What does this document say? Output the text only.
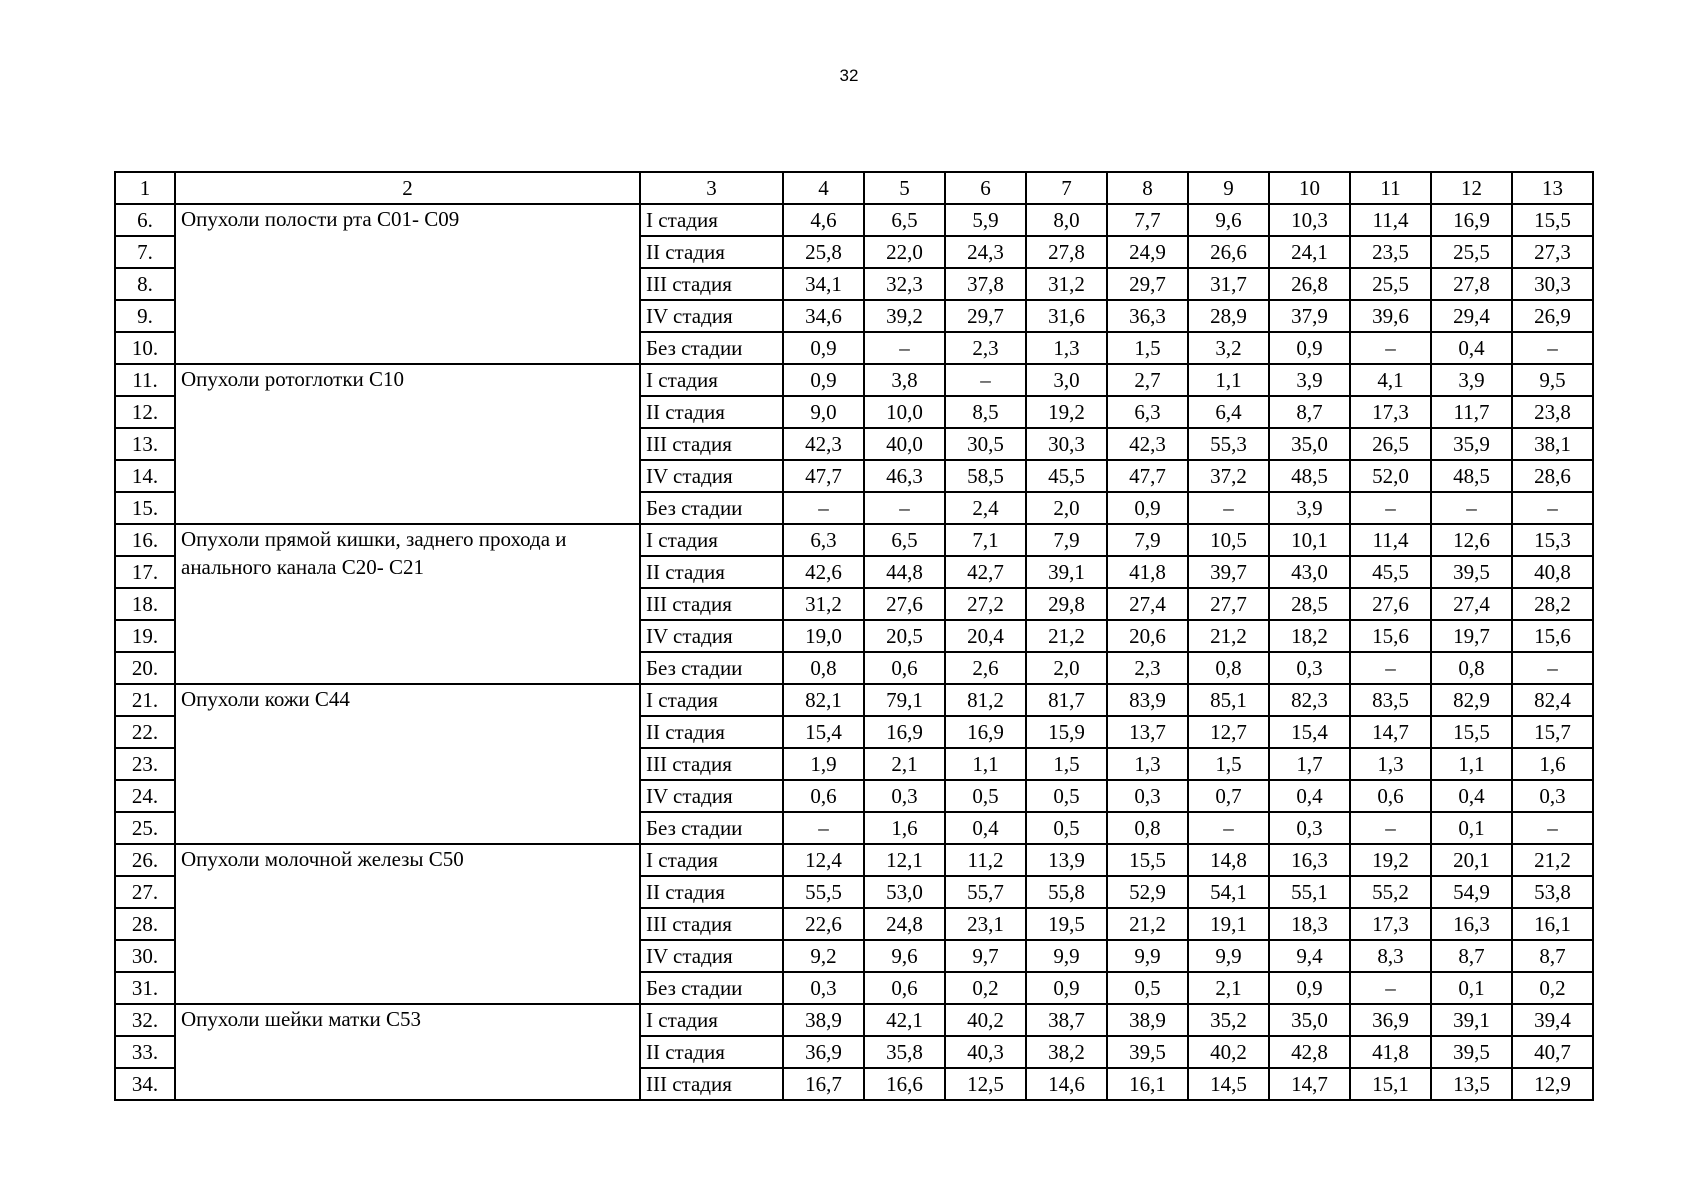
32
1	2	3	4	5	6	7	8	9	10	11	12	13
6.	Опухоли полости рта С01- С09	I стадия	4,6	6,5	5,9	8,0	7,7	9,6	10,3	11,4	16,9	15,5
7.		II стадия	25,8	22,0	24,3	27,8	24,9	26,6	24,1	23,5	25,5	27,3
8.		III стадия	34,1	32,3	37,8	31,2	29,7	31,7	26,8	25,5	27,8	30,3
9.		IV стадия	34,6	39,2	29,7	31,6	36,3	28,9	37,9	39,6	29,4	26,9
10.		Без стадии	0,9	–	2,3	1,3	1,5	3,2	0,9	–	0,4	–
11.	Опухоли ротоглотки С10	I стадия	0,9	3,8	–	3,0	2,7	1,1	3,9	4,1	3,9	9,5
12.		II стадия	9,0	10,0	8,5	19,2	6,3	6,4	8,7	17,3	11,7	23,8
13.		III стадия	42,3	40,0	30,5	30,3	42,3	55,3	35,0	26,5	35,9	38,1
14.		IV стадия	47,7	46,3	58,5	45,5	47,7	37,2	48,5	52,0	48,5	28,6
15.		Без стадии	–	–	2,4	2,0	0,9	–	3,9	–	–	–
16.	Опухоли прямой кишки, заднего прохода и анального канала С20- С21	I стадия	6,3	6,5	7,1	7,9	7,9	10,5	10,1	11,4	12,6	15,3
17.		II стадия	42,6	44,8	42,7	39,1	41,8	39,7	43,0	45,5	39,5	40,8
18.		III стадия	31,2	27,6	27,2	29,8	27,4	27,7	28,5	27,6	27,4	28,2
19.		IV стадия	19,0	20,5	20,4	21,2	20,6	21,2	18,2	15,6	19,7	15,6
20.		Без стадии	0,8	0,6	2,6	2,0	2,3	0,8	0,3	–	0,8	–
21.	Опухоли кожи С44	I стадия	82,1	79,1	81,2	81,7	83,9	85,1	82,3	83,5	82,9	82,4
22.		II стадия	15,4	16,9	16,9	15,9	13,7	12,7	15,4	14,7	15,5	15,7
23.		III стадия	1,9	2,1	1,1	1,5	1,3	1,5	1,7	1,3	1,1	1,6
24.		IV стадия	0,6	0,3	0,5	0,5	0,3	0,7	0,4	0,6	0,4	0,3
25.		Без стадии	–	1,6	0,4	0,5	0,8	–	0,3	–	0,1	–
26.	Опухоли молочной железы С50	I стадия	12,4	12,1	11,2	13,9	15,5	14,8	16,3	19,2	20,1	21,2
27.		II стадия	55,5	53,0	55,7	55,8	52,9	54,1	55,1	55,2	54,9	53,8
28.		III стадия	22,6	24,8	23,1	19,5	21,2	19,1	18,3	17,3	16,3	16,1
30.		IV стадия	9,2	9,6	9,7	9,9	9,9	9,9	9,4	8,3	8,7	8,7
31.		Без стадии	0,3	0,6	0,2	0,9	0,5	2,1	0,9	–	0,1	0,2
32.	Опухоли шейки матки С53	I стадия	38,9	42,1	40,2	38,7	38,9	35,2	35,0	36,9	39,1	39,4
33.		II стадия	36,9	35,8	40,3	38,2	39,5	40,2	42,8	41,8	39,5	40,7
34.		III стадия	16,7	16,6	12,5	14,6	16,1	14,5	14,7	15,1	13,5	12,9
